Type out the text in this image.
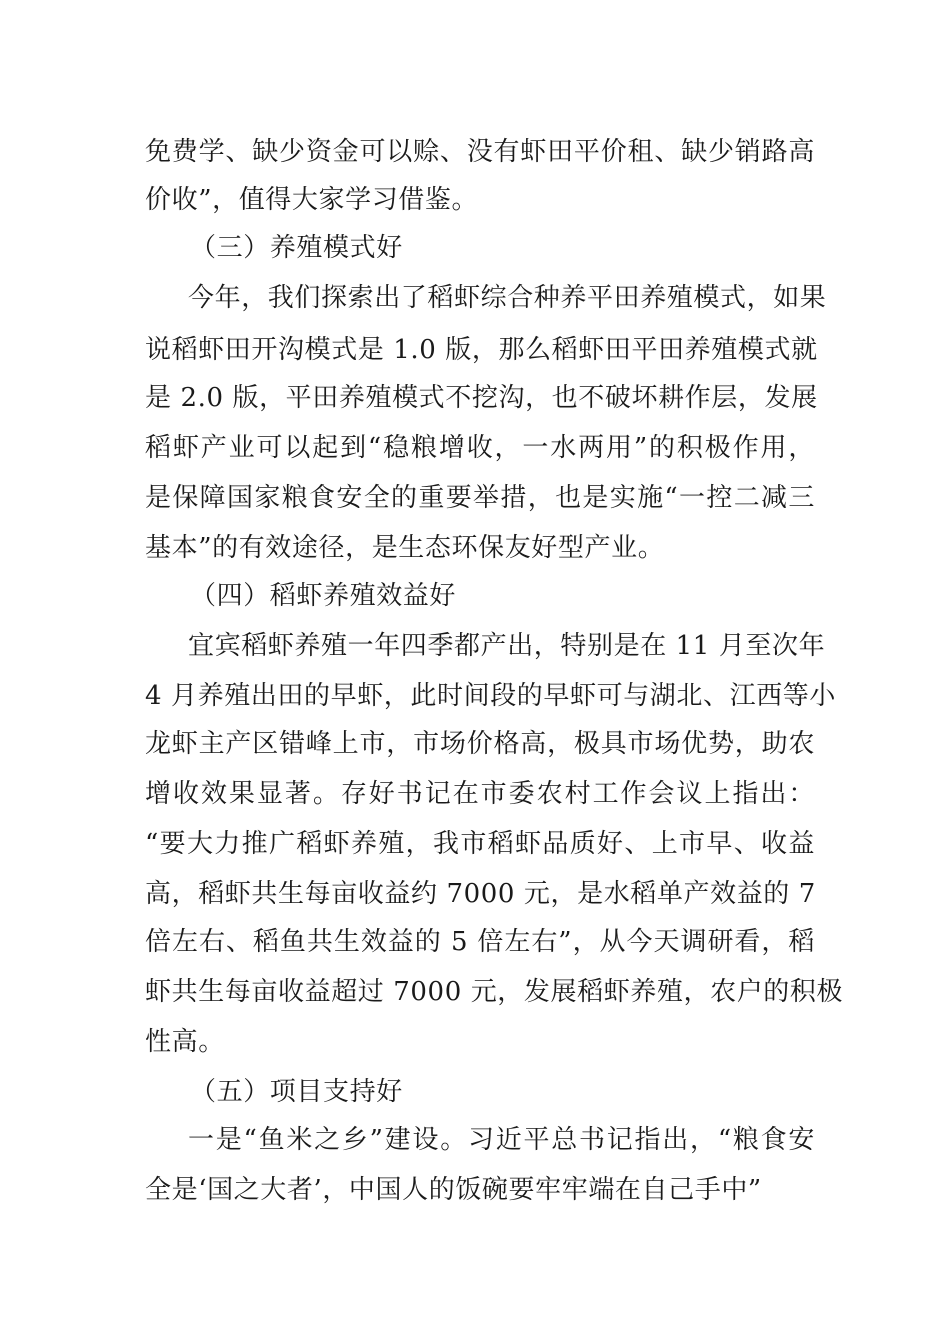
免费学、缺少资金可以赊、没有虾田平价租、缺少销路高
价收”，值得大家学习借鉴。
（三）养殖模式好
今年，我们探索出了稻虾综合种养平田养殖模式，如果
说稻虾田开沟模式是 1.0 版，那么稻虾田平田养殖模式就
是 2.0 版，平田养殖模式不挖沟，也不破坏耕作层，发展
稻虾产业可以起到“稳粮增收，一水两用”的积极作用，
是保障国家粮食安全的重要举措，也是实施“一控二减三
基本”的有效途径，是生态环保友好型产业。
（四）稻虾养殖效益好
宜宾稻虾养殖一年四季都产出，特别是在 11 月至次年
4 月养殖出田的早虾，此时间段的早虾可与湖北、江西等小
龙虾主产区错峰上市，市场价格高，极具市场优势，助农
增收效果显著。存好书记在市委农村工作会议上指出：
“要大力推广稻虾养殖，我市稻虾品质好、上市早、收益
高，稻虾共生每亩收益约 7000 元，是水稻单产效益的 7
倍左右、稻鱼共生效益的 5 倍左右”，从今天调研看，稻
虾共生每亩收益超过 7000 元，发展稻虾养殖，农户的积极
性高。
（五）项目支持好
一是“鱼米之乡”建设。习近平总书记指出，“粮食安
全是‘国之大者’，中国人的饭碗要牢牢端在自己手中”
